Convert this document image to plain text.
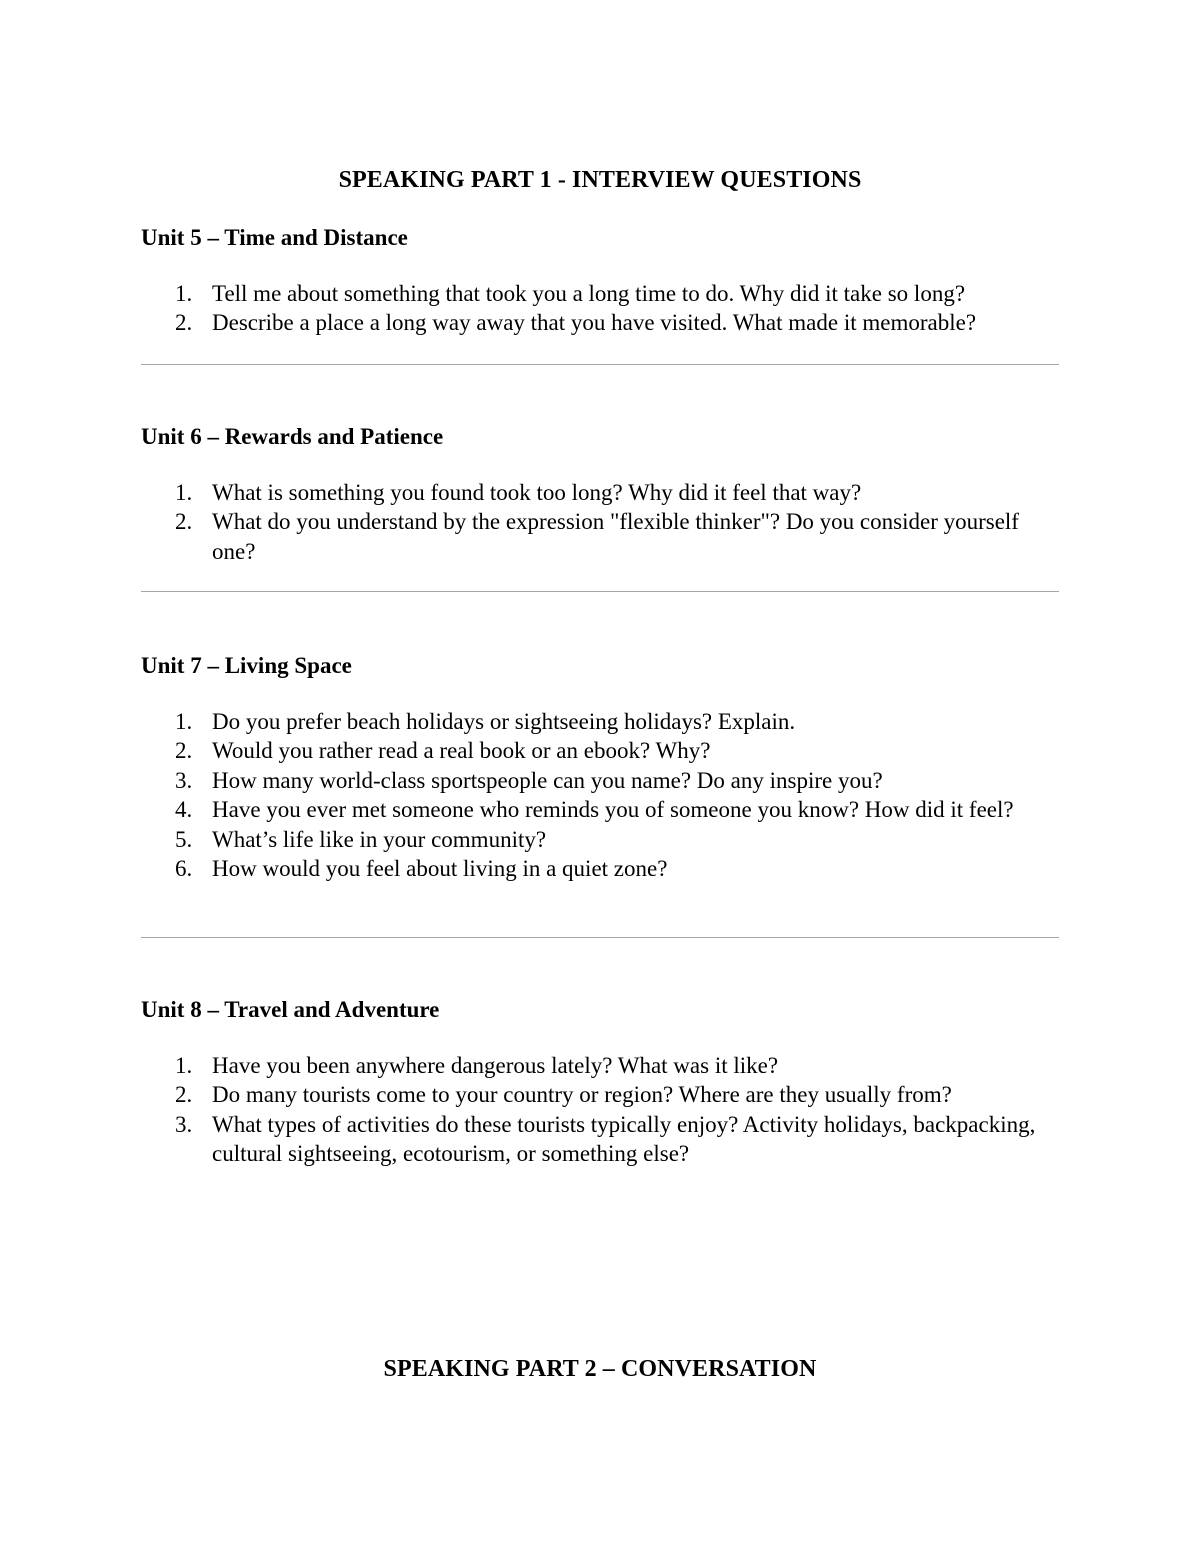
SPEAKING PART 1 - INTERVIEW QUESTIONS
Unit 5 – Time and Distance
1. Tell me about something that took you a long time to do. Why did it take so long?
2. Describe a place a long way away that you have visited. What made it memorable?
Unit 6 – Rewards and Patience
1. What is something you found took too long? Why did it feel that way?
2. What do you understand by the expression "flexible thinker"? Do you consider yourself one?
Unit 7 – Living Space
1. Do you prefer beach holidays or sightseeing holidays? Explain.
2. Would you rather read a real book or an ebook? Why?
3. How many world-class sportspeople can you name? Do any inspire you?
4. Have you ever met someone who reminds you of someone you know? How did it feel?
5. What’s life like in your community?
6. How would you feel about living in a quiet zone?
Unit 8 – Travel and Adventure
1. Have you been anywhere dangerous lately? What was it like?
2. Do many tourists come to your country or region? Where are they usually from?
3. What types of activities do these tourists typically enjoy? Activity holidays, backpacking, cultural sightseeing, ecotourism, or something else?
SPEAKING PART 2 – CONVERSATION
